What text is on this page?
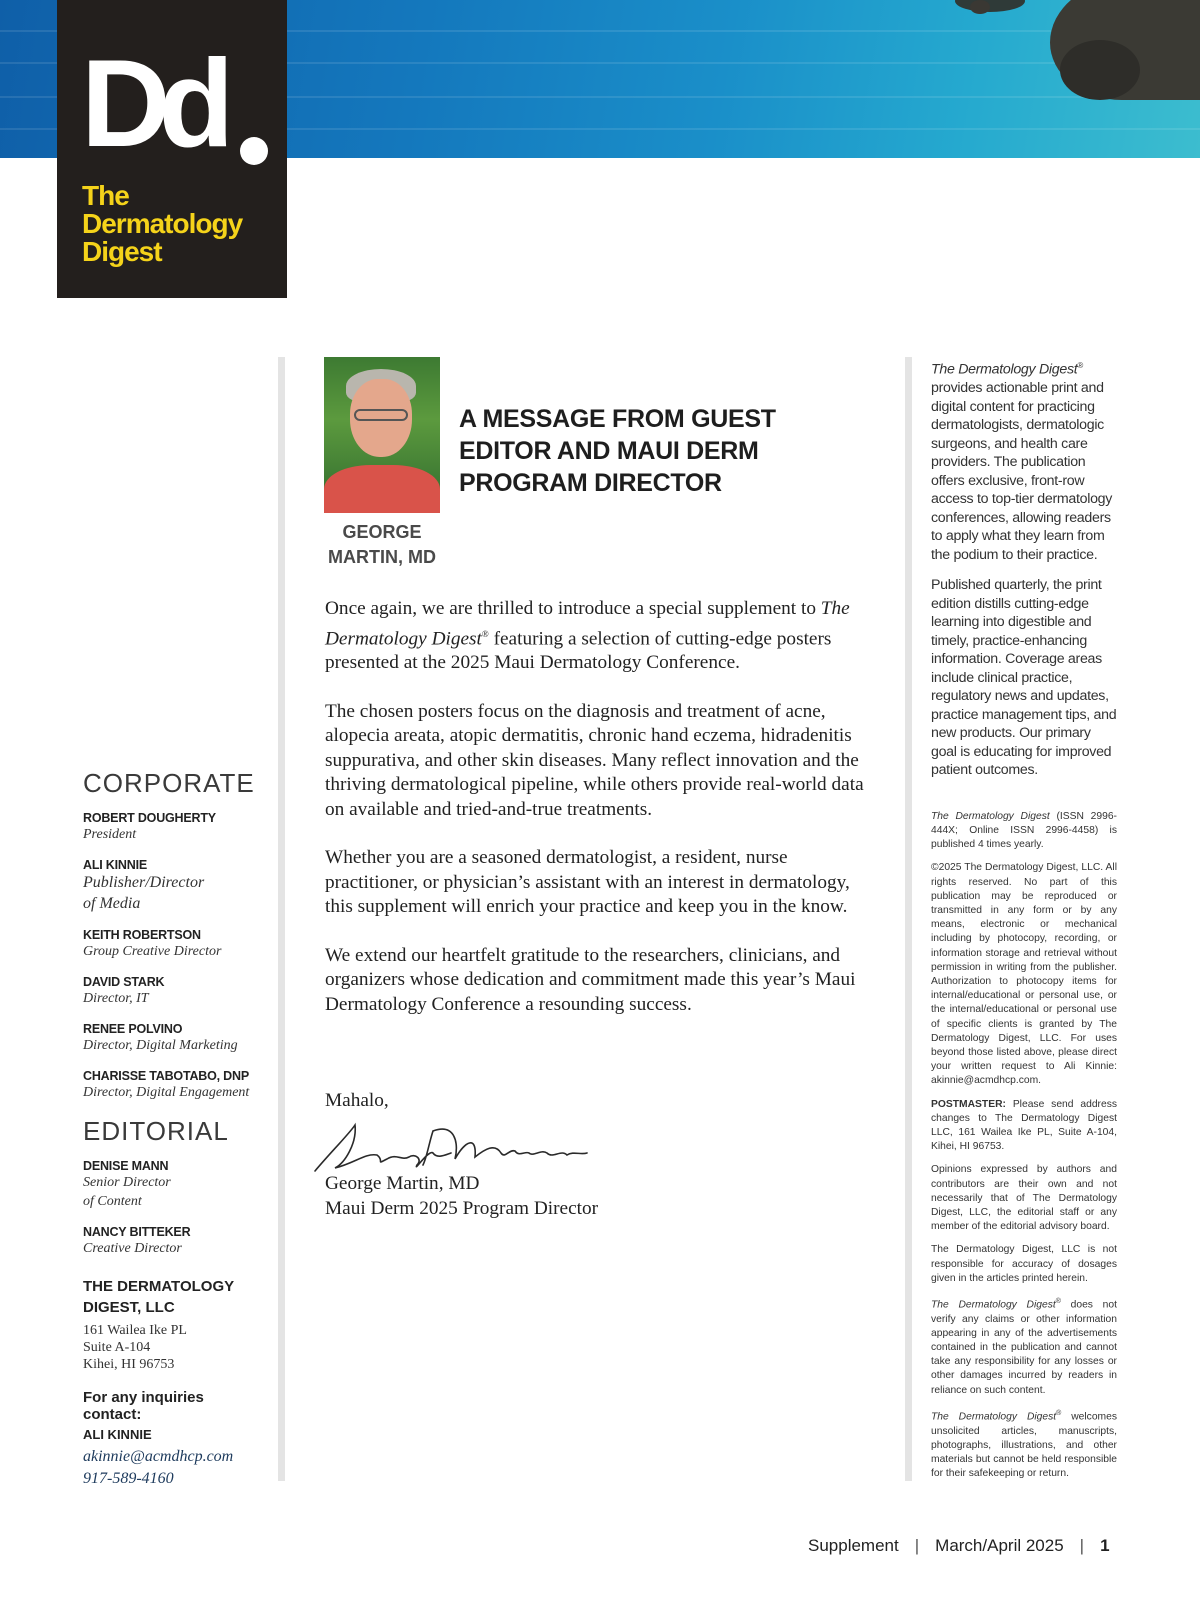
Dd
The
Dermatology
Digest
CORPORATE
ROBERT DOUGHERTY
President
ALI KINNIE
Publisher/Director
of Media
KEITH ROBERTSON
Group Creative Director
DAVID STARK
Director, IT
RENEE POLVINO
Director, Digital Marketing
CHARISSE TABOTABO, DNP
Director, Digital Engagement
EDITORIAL
DENISE MANN
Senior Director
of Content
NANCY BITTEKER
Creative Director
THE DERMATOLOGY
DIGEST, LLC
161 Wailea Ike PL
Suite A-104
Kihei, HI 96753
For any inquiries contact:
ALI KINNIE
akinnie@acmdhcp.com
917-589-4160
GEORGE
MARTIN, MD
A MESSAGE FROM GUEST
EDITOR AND MAUI DERM
PROGRAM DIRECTOR

Once again, we are thrilled to introduce a special supplement to The Dermatology Digest® featuring a selection of cutting-edge posters presented at the 2025 Maui Dermatology Conference.

The chosen posters focus on the diagnosis and treatment of acne, alopecia areata, atopic dermatitis, chronic hand eczema, hidradenitis suppurativa, and other skin diseases. Many reflect innovation and the thriving dermatological pipeline, while others provide real-world data on available and tried-and-true treatments.

Whether you are a seasoned dermatologist, a resident, nurse practitioner, or physician’s assistant with an interest in dermatology, this supplement will enrich your practice and keep you in the know.

We extend our heartfelt gratitude to the researchers, clinicians, and organizers whose dedication and commitment made this year’s Maui Dermatology Conference a resounding success.

Mahalo,
George Martin, MD
Maui Derm 2025 Program Director

The Dermatology Digest® provides actionable print and digital content for practicing dermatologists, dermatologic surgeons, and health care providers. The publication offers exclusive, front-row access to top-tier dermatology conferences, allowing readers to apply what they learn from the podium to their practice.

Published quarterly, the print edition distills cutting-edge learning into digestible and timely, practice-enhancing information. Coverage areas include clinical practice, regulatory news and updates, practice management tips, and new products. Our primary goal is educating for improved patient outcomes.

The Dermatology Digest (ISSN 2996-444X; Online ISSN 2996-4458) is published 4 times yearly.

©2025 The Dermatology Digest, LLC. All rights reserved. No part of this publication may be reproduced or transmitted in any form or by any means, electronic or mechanical including by photocopy, recording, or information storage and retrieval without permission in writing from the publisher. Authorization to photocopy items for internal/educational or personal use, or the internal/educational or personal use of specific clients is granted by The Dermatology Digest, LLC. For uses beyond those listed above, please direct your written request to Ali Kinnie: akinnie@acmdhcp.com.

POSTMASTER: Please send address changes to The Dermatology Digest LLC, 161 Wailea Ike PL, Suite A-104, Kihei, HI 96753.

Opinions expressed by authors and contributors are their own and not necessarily that of The Dermatology Digest, LLC, the editorial staff or any member of the editorial advisory board.

The Dermatology Digest, LLC is not responsible for accuracy of dosages given in the articles printed herein.

The Dermatology Digest® does not verify any claims or other information appearing in any of the advertisements contained in the publication and cannot take any responsibility for any losses or other damages incurred by readers in reliance on such content.

The Dermatology Digest® welcomes unsolicited articles, manuscripts, photographs, illustrations, and other materials but cannot be held responsible for their safekeeping or return.

Supplement | March/April 2025 | 1
